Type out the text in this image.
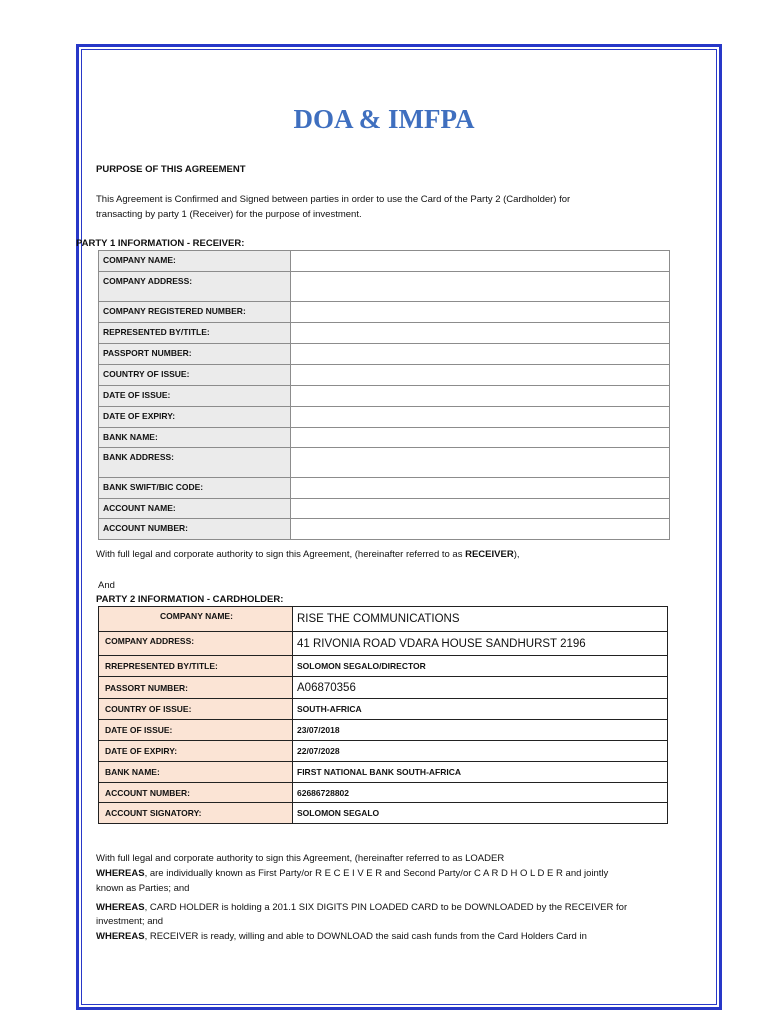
DOA & IMFPA
PURPOSE OF THIS AGREEMENT
This Agreement is Confirmed and Signed between parties in order to use the Card of the Party 2 (Cardholder) for
transacting by party 1 (Receiver) for the purpose of investment.
PARTY 1 INFORMATION - RECEIVER:
COMPANY NAME:	
COMPANY ADDRESS:	
COMPANY REGISTERED NUMBER:	
REPRESENTED BY/TITLE:	
PASSPORT NUMBER:	
COUNTRY OF ISSUE:	
DATE OF ISSUE:	
DATE OF EXPIRY:	
BANK NAME:	
BANK ADDRESS:	
BANK SWIFT/BIC CODE:	
ACCOUNT NAME:	
ACCOUNT NUMBER:	
With full legal and corporate authority to sign this Agreement, (hereinafter referred to as RECEIVER),
And
PARTY 2 INFORMATION - CARDHOLDER:
COMPANY NAME:	RISE THE COMMUNICATIONS
COMPANY ADDRESS:	41 RIVONIA ROAD VDARA HOUSE SANDHURST 2196
RREPRESENTED BY/TITLE:	SOLOMON SEGALO/DIRECTOR
PASSORT NUMBER:	A06870356
COUNTRY OF ISSUE:	SOUTH-AFRICA
DATE OF ISSUE:	23/07/2018
DATE OF EXPIRY:	22/07/2028
BANK NAME:	FIRST NATIONAL BANK SOUTH-AFRICA
ACCOUNT NUMBER:	62686728802
ACCOUNT SIGNATORY:	SOLOMON SEGALO
With full legal and corporate authority to sign this Agreement, (hereinafter referred to as LOADER
WHEREAS, are individually known as First Party/or R E C E I V E R and Second Party/or C A R D H O L D E R and jointly
known as Parties; and
WHEREAS, CARD HOLDER is holding a 201.1 SIX DIGITS PIN LOADED CARD to be DOWNLOADED by the RECEIVER for
investment; and
WHEREAS, RECEIVER is ready, willing and able to DOWNLOAD the said cash funds from the Card Holders Card in
